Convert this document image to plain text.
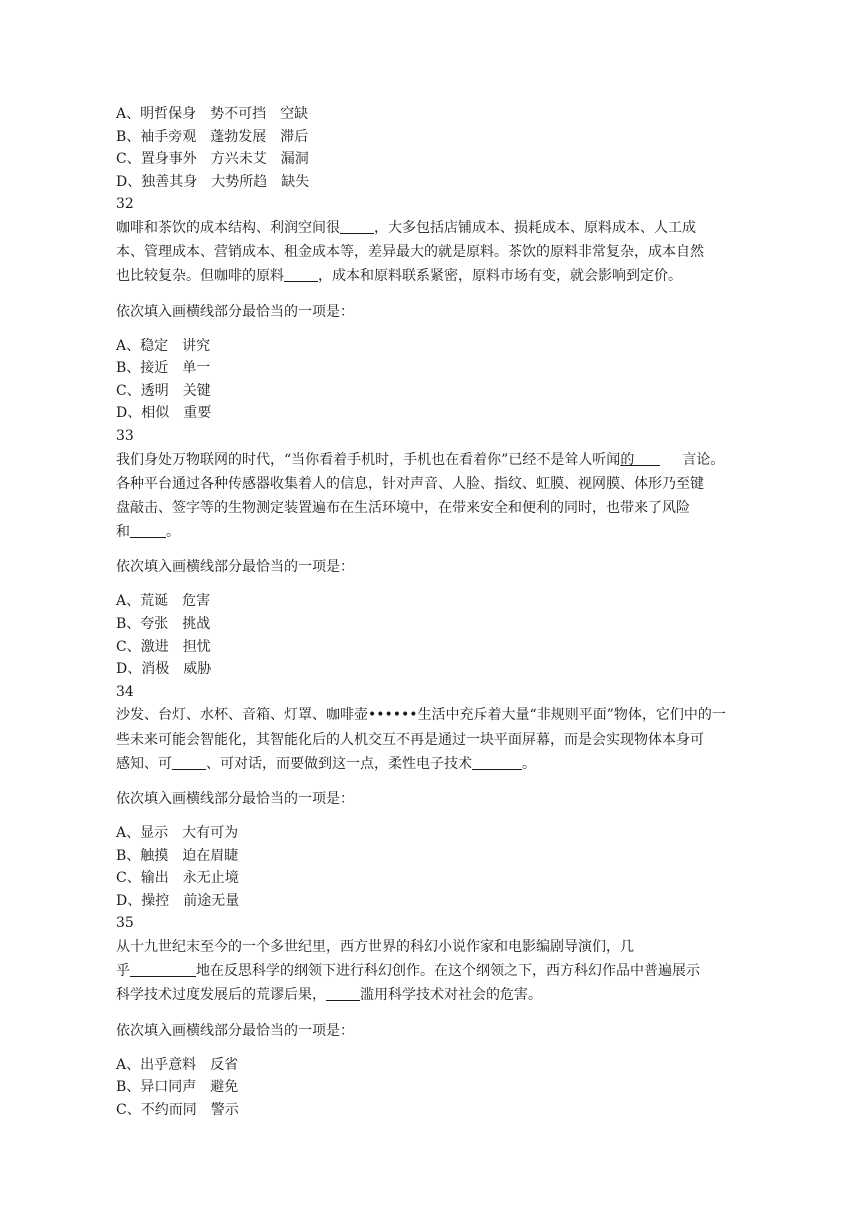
A、明哲保身　势不可挡　空缺
B、袖手旁观　蓬勃发展　滞后
C、置身事外　方兴未艾　漏洞
D、独善其身　大势所趋　缺失
32
咖啡和茶饮的成本结构、利润空间很 ，大多包括店铺成本、损耗成本、原料成本、人工成
本、管理成本、营销成本、租金成本等，差异最大的就是原料。茶饮的原料非常复杂，成本自然
也比较复杂。但咖啡的原料 ，成本和原料联系紧密，原料市场有变，就会影响到定价。
依次填入画横线部分最恰当的一项是：
A、稳定　讲究
B、接近　单一
C、透明　关键
D、相似　重要
33
我们身处万物联网的时代，“当你看着手机时，手机也在看着你”已经不是耸人听闻的	言论。
各种平台通过各种传感器收集着人的信息，针对声音、人脸、指纹、虹膜、视网膜、体形乃至键
盘敲击、签字等的生物测定装置遍布在生活环境中，在带来安全和便利的同时，也带来了风险
和	。
依次填入画横线部分最恰当的一项是：
A、荒诞　危害
B、夸张　挑战
C、激进　担忧
D、消极　威胁
34
沙发、台灯、水杯、音箱、灯罩、咖啡壶••••••生活中充斥着大量“非规则平面”物体，它们中的一
些未来可能会智能化，其智能化后的人机交互不再是通过一块平面屏幕，而是会实现物体本身可
感知、可 、可对话，而要做到这一点，柔性电子技术	。
依次填入画横线部分最恰当的一项是：
A、显示　大有可为
B、触摸　迫在眉睫
C、输出　永无止境
D、操控　前途无量
35
从十九世纪末至今的一个多世纪里，西方世界的科幻小说作家和电影编剧导演们，几
乎	地在反思科学的纲领下进行科幻创作。在这个纲领之下，西方科幻作品中普遍展示
科学技术过度发展后的荒谬后果， 滥用科学技术对社会的危害。
依次填入画横线部分最恰当的一项是：
A、出乎意料　反省
B、异口同声　避免
C、不约而同　警示
